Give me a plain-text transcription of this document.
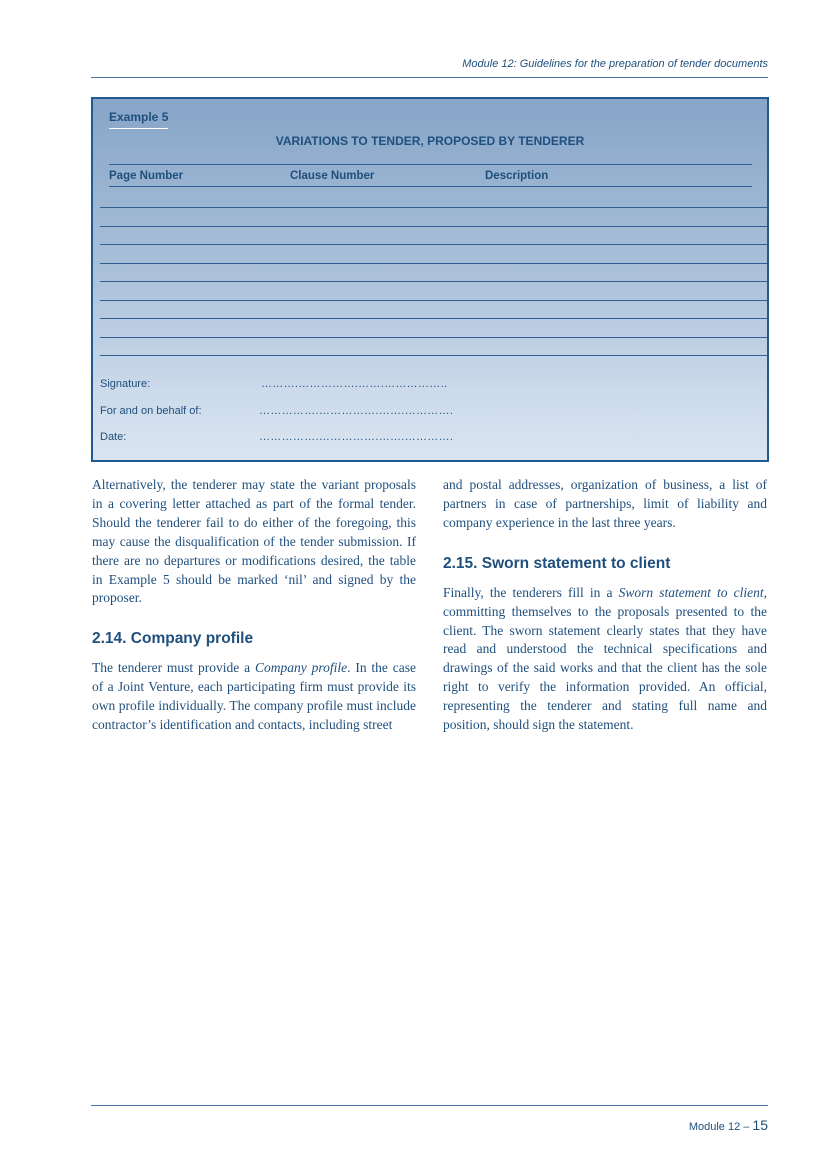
Module 12: Guidelines for the preparation of tender documents
Example 5
VARIATIONS TO TENDER, PROPOSED BY TENDERER
Page Number	Clause Number	Description
Signature:	……….…………….…….……………..
For and on behalf of:	…………….…………….…….………….
Date:	…………….…………….…….………….

Alternatively, the tenderer may state the variant proposals in a covering letter attached as part of the formal tender. Should the tenderer fail to do either of the foregoing, this may cause the disqualification of the tender submission. If there are no departures or modifications desired, the table in Example 5 should be marked ‘nil’ and signed by the proposer.

2.14. Company profile

The tenderer must provide a Company profile. In the case of a Joint Venture, each participating firm must provide its own profile individually. The company profile must include contractor’s identification and contacts, including street

and postal addresses, organization of business, a list of partners in case of partnerships, limit of liability and company experience in the last three years.

2.15. Sworn statement to client

Finally, the tenderers fill in a Sworn statement to client, committing themselves to the proposals presented to the client. The sworn statement clearly states that they have read and understood the technical specifications and drawings of the said works and that the client has the sole right to verify the information provided. An official, representing the tenderer and stating full name and position, should sign the statement.

Module 12 – 15
